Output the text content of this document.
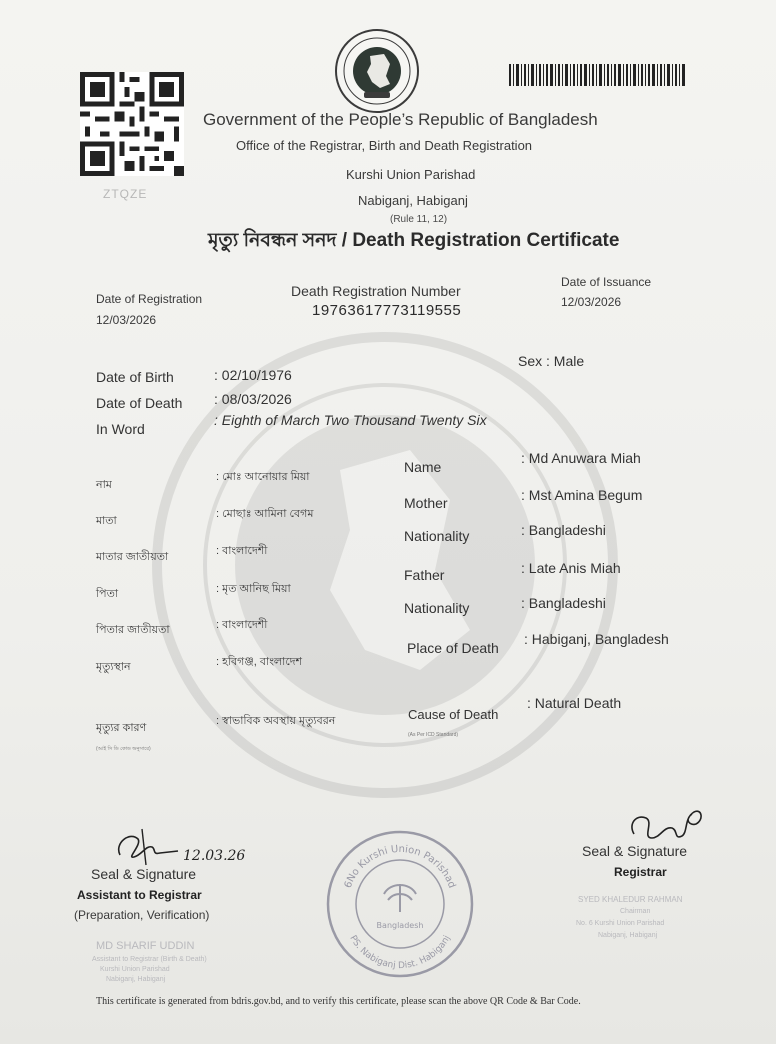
ZTQZE
Government of the People’s Republic of Bangladesh
Office of the Registrar, Birth and Death Registration
Kurshi Union Parishad
Nabiganj, Habiganj
(Rule 11, 12)
মৃত্যু নিবন্ধন সনদ / Death Registration Certificate
Date of Registration
12/03/2026
Death Registration Number
19763617773119555
Date of Issuance
12/03/2026
Date of Birth	: 02/10/1976
Date of Death : 08/03/2026
In Word
: Eighth of March Two Thousand Twenty Six
Sex : Male
নাম
: মোঃ আনোয়ার মিয়া
মাতা
: মোছাঃ আমিনা বেগম
মাতার জাতীয়তা	: বাংলাদেশী
পিতা	: মৃত আনিছ মিয়া
পিতার জাতীয়তা	: বাংলাদেশী
মৃত্যুস্থান	: হবিগঞ্জ, বাংলাদেশ
মৃত্যুর কারণ
(আই সি ডি কোড অনুসারে)
: স্বাভাবিক অবস্থায় মৃত্যুবরন
Name
: Md Anuwara Miah
Mother	: Mst Amina Begum
Nationality	: Bangladeshi
Father	: Late Anis Miah
Nationality	: Bangladeshi
Place of Death
: Habiganj, Bangladesh
Cause of Death
(As Per ICD Standard)
: Natural Death
12.03.26
Seal & Signature
Assistant to Registrar
(Preparation, Verification)
MD SHARIF UDDIN
Assistant to Registrar (Birth & Death)
Kurshi Union Parishad
Nabiganj, Habiganj
6No Kurshi Union Parishad
PS. Nabiganj Dist. Habiganj
Bangladesh
Seal & Signature
Registrar
SYED KHALEDUR RAHMAN
Chairman
No. 6 Kurshi Union Parishad
Nabiganj, Habiganj
This certificate is generated from bdris.gov.bd, and to verify this certificate, please scan the above QR Code & Bar Code.
